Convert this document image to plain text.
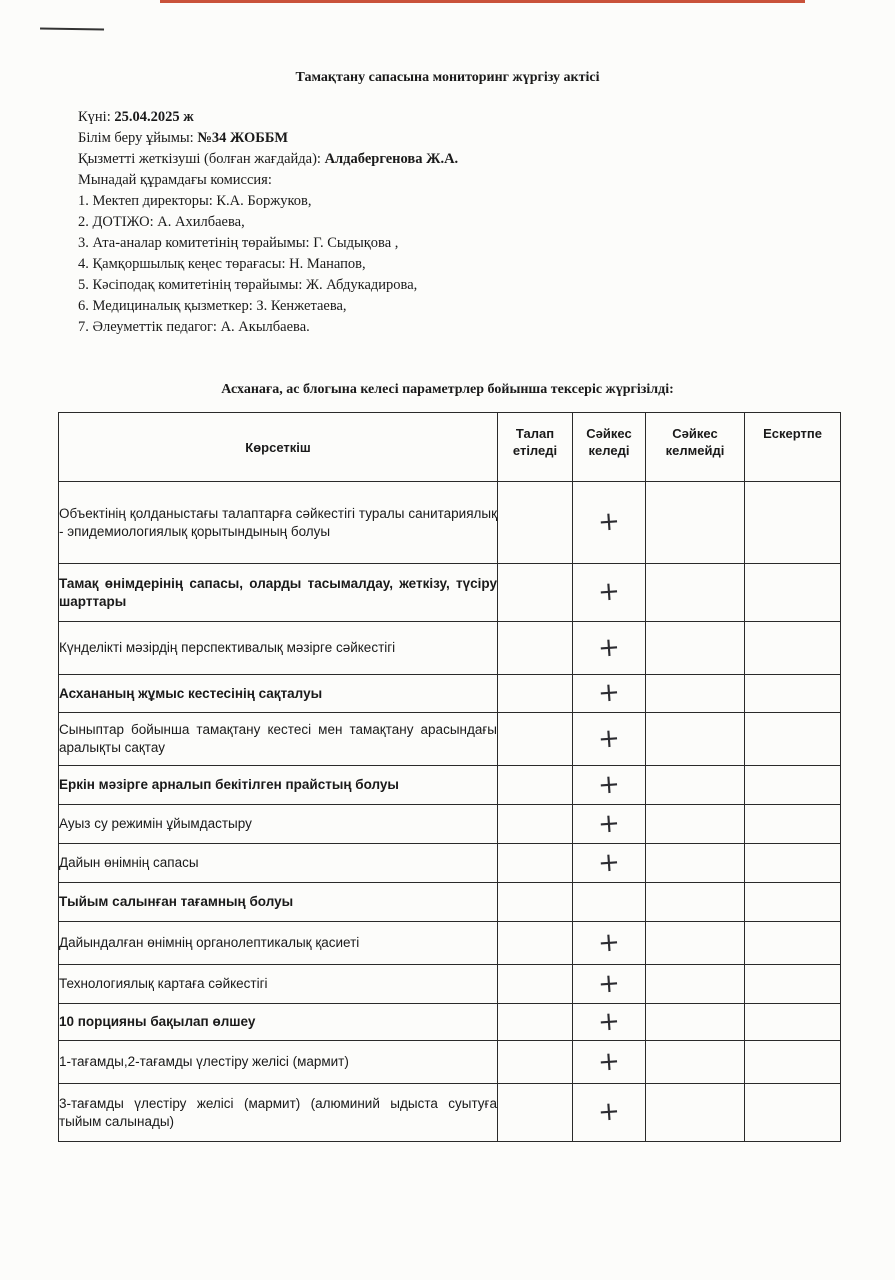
Тамақтану сапасына мониторинг жүргізу актісі
Күні: 25.04.2025 ж
Білім беру ұйымы: №34 ЖОББМ
Қызметті жеткізуші (болған жағдайда): Алдабергенова Ж.А.
Мынадай құрамдағы комиссия:
1. Мектеп директоры: К.А. Боржуков,
2. ДОТІЖО: А. Ахилбаева,
3. Ата-аналар комитетінің төрайымы: Г. Сыдықова ,
4. Қамқоршылық кеңес төрағасы: Н. Манапов,
5. Кәсіподақ комитетінің төрайымы: Ж. Абдукадирова,
6. Медициналық қызметкер: З. Кенжетаева,
7. Әлеуметтік педагог: А. Акылбаева.
Асханаға, ас блогына келесі параметрлер бойынша тексеріс жүргізілді:
Көрсеткіш	Талап етіледі	Сәйкес келеді	Сәйкес келмейді	Ескертпе
Объектінің қолданыстағы талаптарға сәйкестігі туралы санитариялық - эпидемиологиялық қорытындының болуы		+		
Тамақ өнімдерінің сапасы, оларды тасымалдау, жеткізу, түсіру шарттары		+		
Күнделікті мәзірдің перспективалық мәзірге сәйкестігі		+		
Асхананың жұмыс кестесінің сақталуы		+		
Сыныптар бойынша тамақтану кестесі мен тамақтану арасындағы аралықты сақтау		+		
Еркін мәзірге арналып бекітілген прайстың болуы		+		
Ауыз су режимін ұйымдастыру		+		
Дайын өнімнің сапасы		+		
Тыйым салынған тағамның болуы				
Дайындалған өнімнің органолептикалық қасиеті		+		
Технологиялық картаға сәйкестігі		+		
10 порцияны бақылап өлшеу		+		
1-тағамды,2-тағамды үлестіру желісі (мармит)		+		
3-тағамды үлестіру желісі (мармит) (алюминий ыдыста суытуға тыйым салынады)		+		
